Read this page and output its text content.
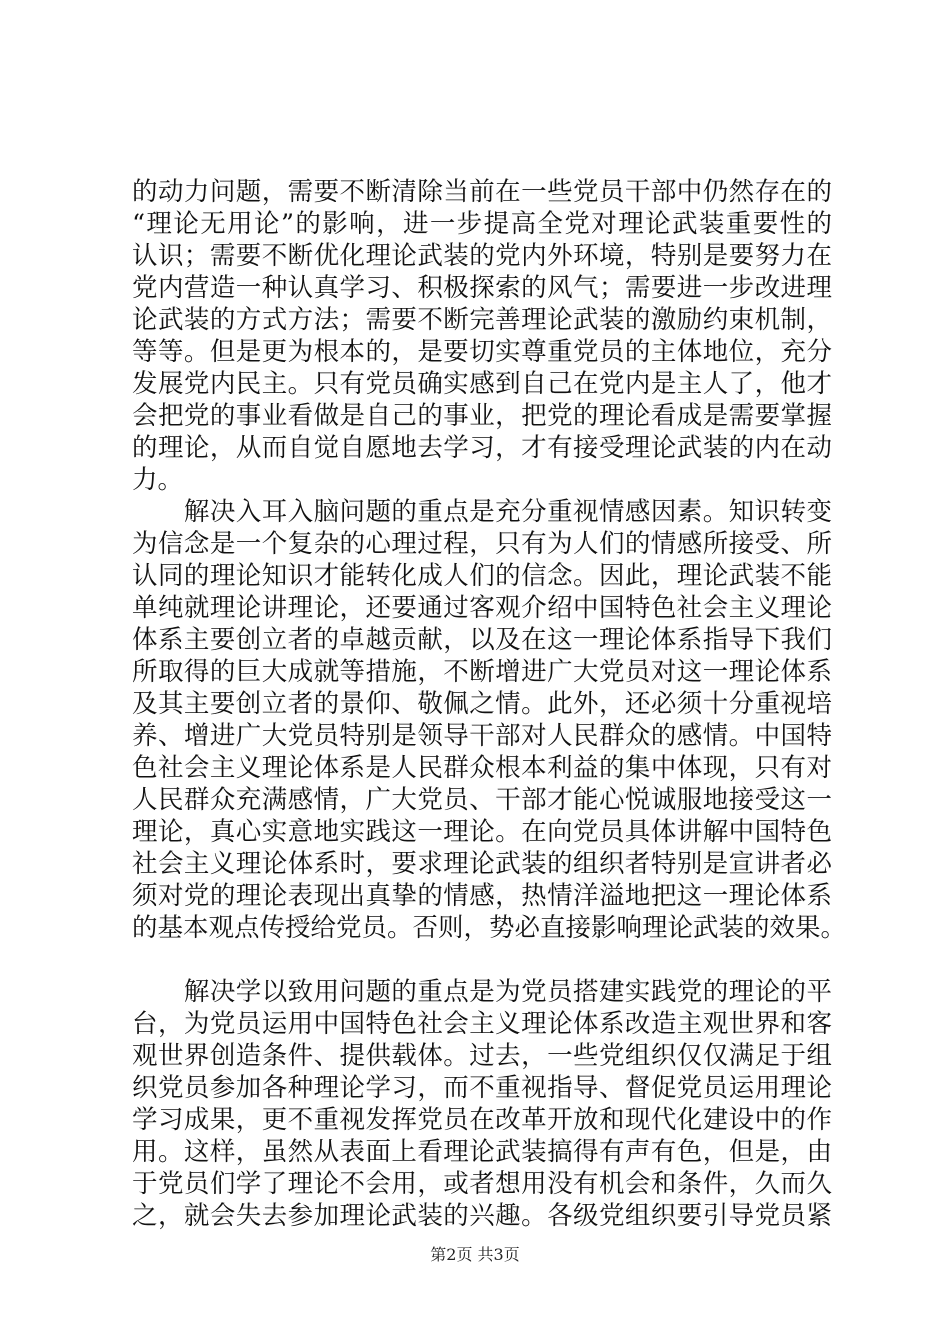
的动力问题，需要不断清除当前在一些党员干部中仍然存在的
“理论无用论”的影响，进一步提高全党对理论武装重要性的
认识；需要不断优化理论武装的党内外环境，特别是要努力在
党内营造一种认真学习、积极探索的风气；需要进一步改进理
论武装的方式方法；需要不断完善理论武装的激励约束机制，
等等。但是更为根本的，是要切实尊重党员的主体地位，充分
发展党内民主。只有党员确实感到自己在党内是主人了，他才
会把党的事业看做是自己的事业，把党的理论看成是需要掌握
的理论，从而自觉自愿地去学习，才有接受理论武装的内在动
力。
　　解决入耳入脑问题的重点是充分重视情感因素。知识转变
为信念是一个复杂的心理过程，只有为人们的情感所接受、所
认同的理论知识才能转化成人们的信念。因此，理论武装不能
单纯就理论讲理论，还要通过客观介绍中国特色社会主义理论
体系主要创立者的卓越贡献，以及在这一理论体系指导下我们
所取得的巨大成就等措施，不断增进广大党员对这一理论体系
及其主要创立者的景仰、敬佩之情。此外，还必须十分重视培
养、增进广大党员特别是领导干部对人民群众的感情。中国特
色社会主义理论体系是人民群众根本利益的集中体现，只有对
人民群众充满感情，广大党员、干部才能心悦诚服地接受这一
理论，真心实意地实践这一理论。在向党员具体讲解中国特色
社会主义理论体系时，要求理论武装的组织者特别是宣讲者必
须对党的理论表现出真挚的情感，热情洋溢地把这一理论体系
的基本观点传授给党员。否则，势必直接影响理论武装的效果。
　　解决学以致用问题的重点是为党员搭建实践党的理论的平
台，为党员运用中国特色社会主义理论体系改造主观世界和客
观世界创造条件、提供载体。过去，一些党组织仅仅满足于组
织党员参加各种理论学习，而不重视指导、督促党员运用理论
学习成果，更不重视发挥党员在改革开放和现代化建设中的作
用。这样，虽然从表面上看理论武装搞得有声有色，但是，由
于党员们学了理论不会用，或者想用没有机会和条件，久而久
之，就会失去参加理论武装的兴趣。各级党组织要引导党员紧
第2页 共3页
